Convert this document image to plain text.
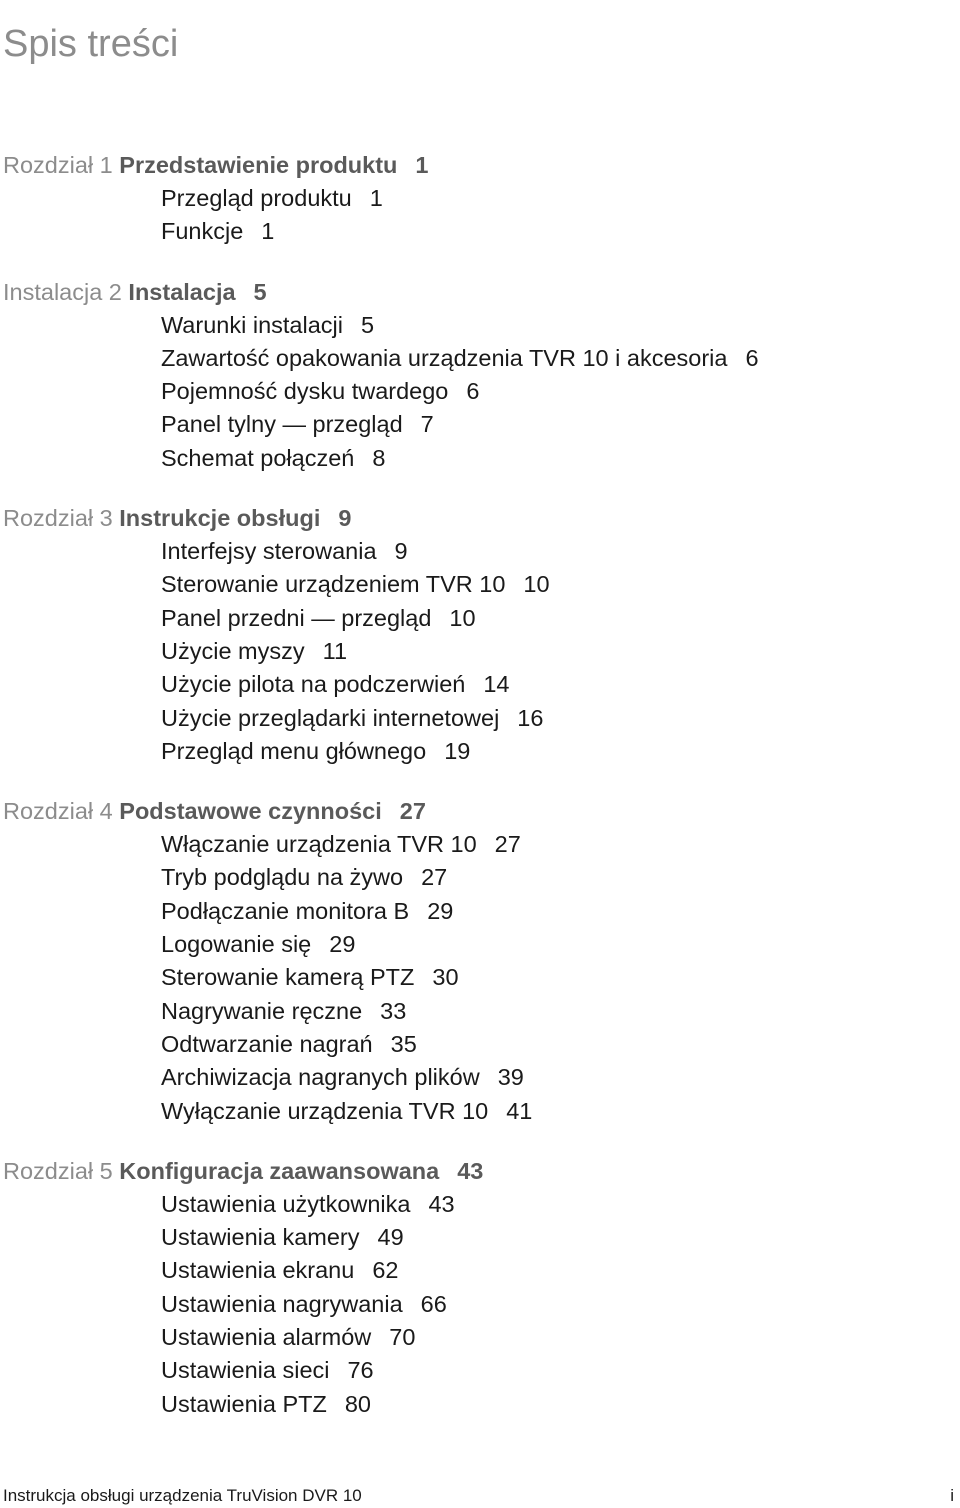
Spis treści
Rozdział 1 Przedstawienie produktu 1
Przegląd produktu 1
Funkcje 1
Instalacja 2 Instalacja 5
Warunki instalacji 5
Zawartość opakowania urządzenia TVR 10 i akcesoria 6
Pojemność dysku twardego 6
Panel tylny — przegląd 7
Schemat połączeń 8
Rozdział 3 Instrukcje obsługi 9
Interfejsy sterowania 9
Sterowanie urządzeniem TVR 10 10
Panel przedni — przegląd 10
Użycie myszy 11
Użycie pilota na podczerwień 14
Użycie przeglądarki internetowej 16
Przegląd menu głównego 19
Rozdział 4 Podstawowe czynności 27
Włączanie urządzenia TVR 10 27
Tryb podglądu na żywo 27
Podłączanie monitora B 29
Logowanie się 29
Sterowanie kamerą PTZ 30
Nagrywanie ręczne 33
Odtwarzanie nagrań 35
Archiwizacja nagranych plików 39
Wyłączanie urządzenia TVR 10 41
Rozdział 5 Konfiguracja zaawansowana 43
Ustawienia użytkownika 43
Ustawienia kamery 49
Ustawienia ekranu 62
Ustawienia nagrywania 66
Ustawienia alarmów 70
Ustawienia sieci 76
Ustawienia PTZ 80
Instrukcja obsługi urządzenia TruVision DVR 10	i
